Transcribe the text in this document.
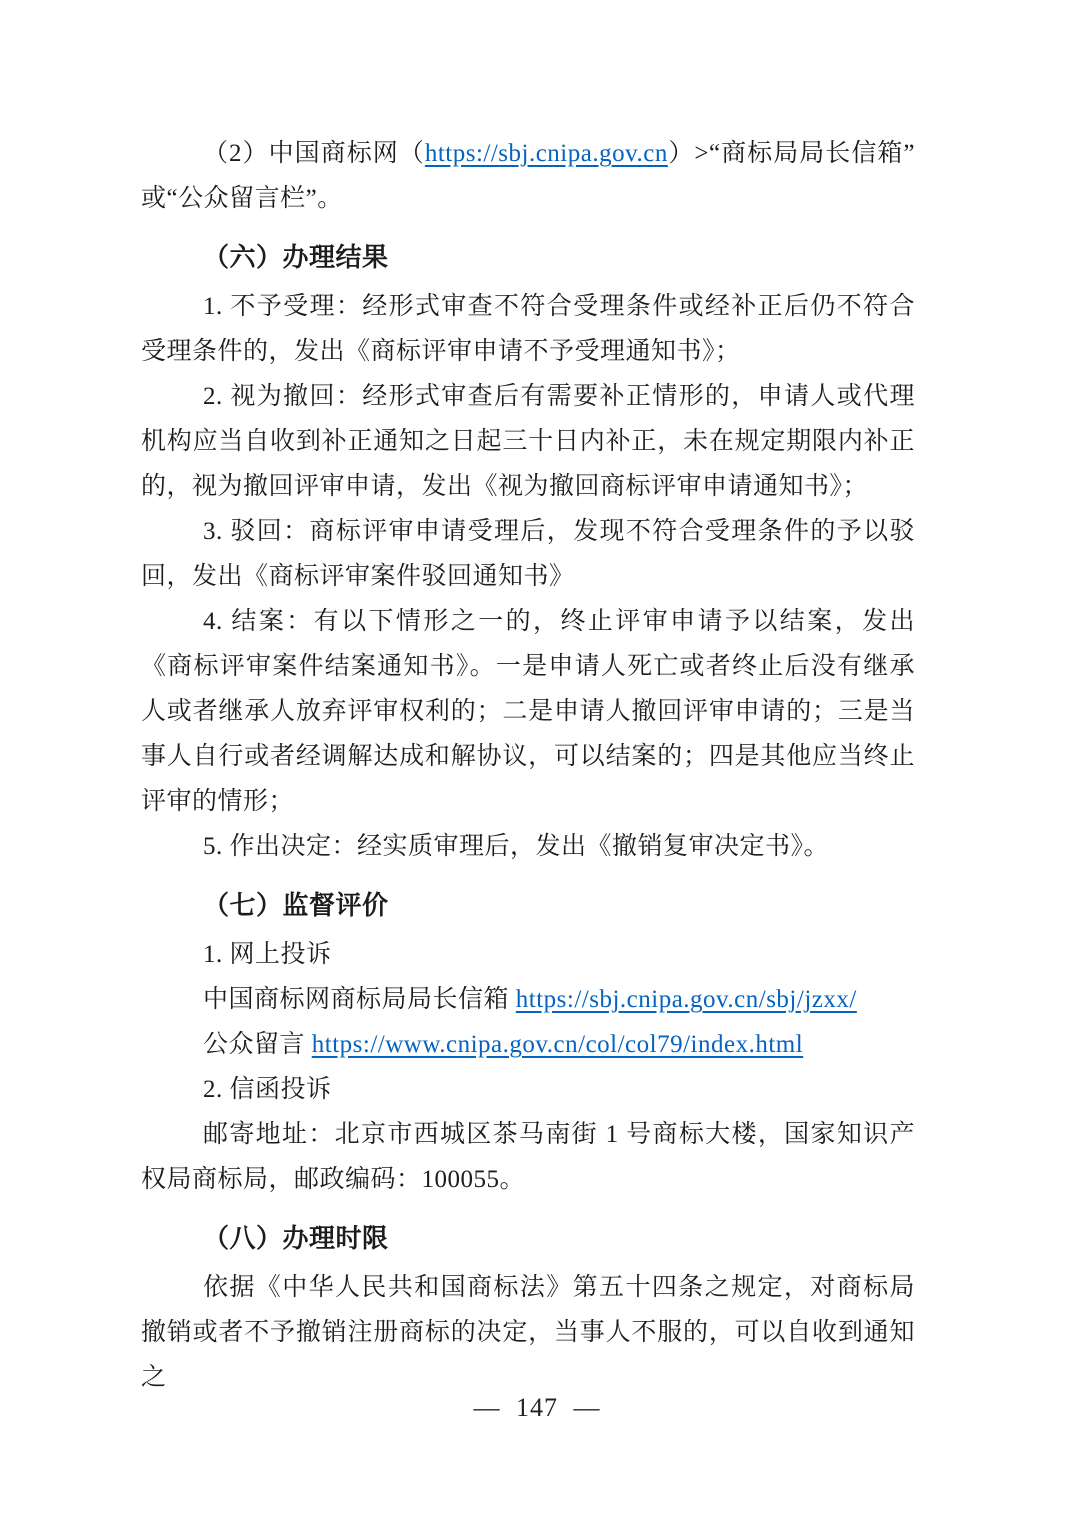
（2）中国商标网（https://sbj.cnipa.gov.cn）>“商标局局长信箱”或“公众留言栏”。

（六）办理结果

1. 不予受理：经形式审查不符合受理条件或经补正后仍不符合受理条件的，发出《商标评审申请不予受理通知书》；

2. 视为撤回：经形式审查后有需要补正情形的，申请人或代理机构应当自收到补正通知之日起三十日内补正，未在规定期限内补正的，视为撤回评审申请，发出《视为撤回商标评审申请通知书》；

3. 驳回：商标评审申请受理后，发现不符合受理条件的予以驳回，发出《商标评审案件驳回通知书》

4. 结案：有以下情形之一的，终止评审申请予以结案，发出《商标评审案件结案通知书》。一是申请人死亡或者终止后没有继承人或者继承人放弃评审权利的；二是申请人撤回评审申请的；三是当事人自行或者经调解达成和解协议，可以结案的；四是其他应当终止评审的情形；

5. 作出决定：经实质审理后，发出《撤销复审决定书》。

（七）监督评价

1. 网上投诉

中国商标网商标局局长信箱 https://sbj.cnipa.gov.cn/sbj/jzxx/

公众留言 https://www.cnipa.gov.cn/col/col79/index.html

2. 信函投诉

邮寄地址：北京市西城区茶马南街 1 号商标大楼，国家知识产权局商标局，邮政编码：100055。

（八）办理时限

依据《中华人民共和国商标法》第五十四条之规定，对商标局撤销或者不予撤销注册商标的决定，当事人不服的，可以自收到通知之

— 147 —
